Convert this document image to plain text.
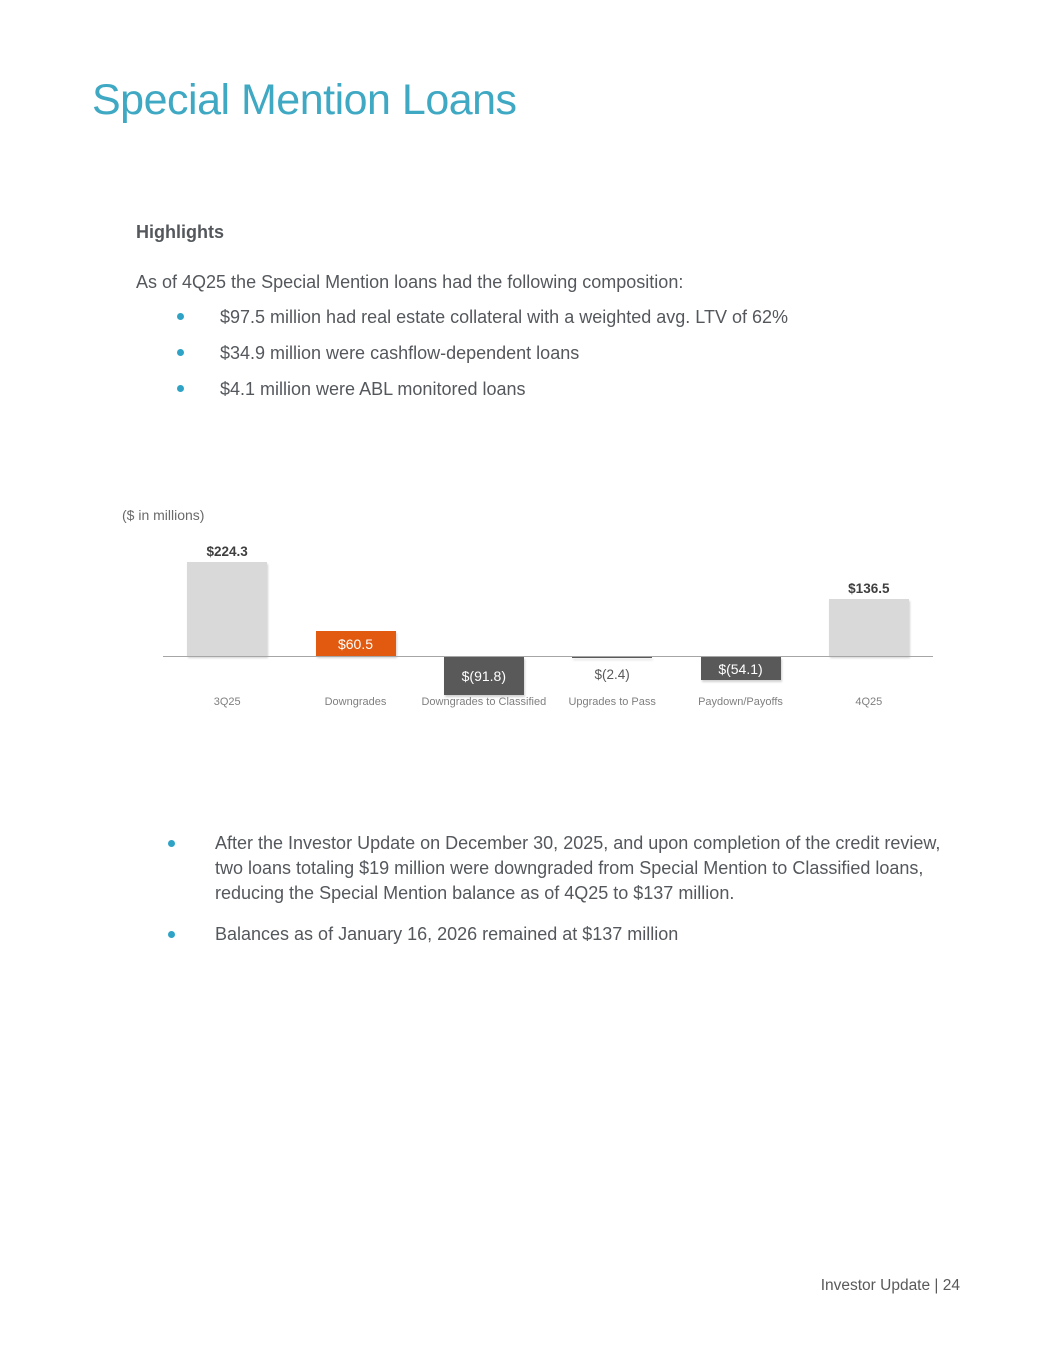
Special Mention Loans
Highlights
As of 4Q25 the Special Mention loans had the following composition:
$97.5 million had real estate collateral with a weighted avg. LTV of 62%
$34.9 million were cashflow-dependent loans
$4.1 million were ABL monitored loans
($ in millions)
$224.3
3Q25
$60.5
Downgrades
$(91.8)
Downgrades to Classified
$(2.4)
Upgrades to Pass
$(54.1)
Paydown/Payoffs
$136.5
4Q25
After the Investor Update on December 30, 2025, and upon completion of the credit review, two loans totaling $19 million were downgraded from Special Mention to Classified loans, reducing the Special Mention balance as of 4Q25 to $137 million.
Balances as of January 16, 2026 remained at $137 million
Investor Update | 24
